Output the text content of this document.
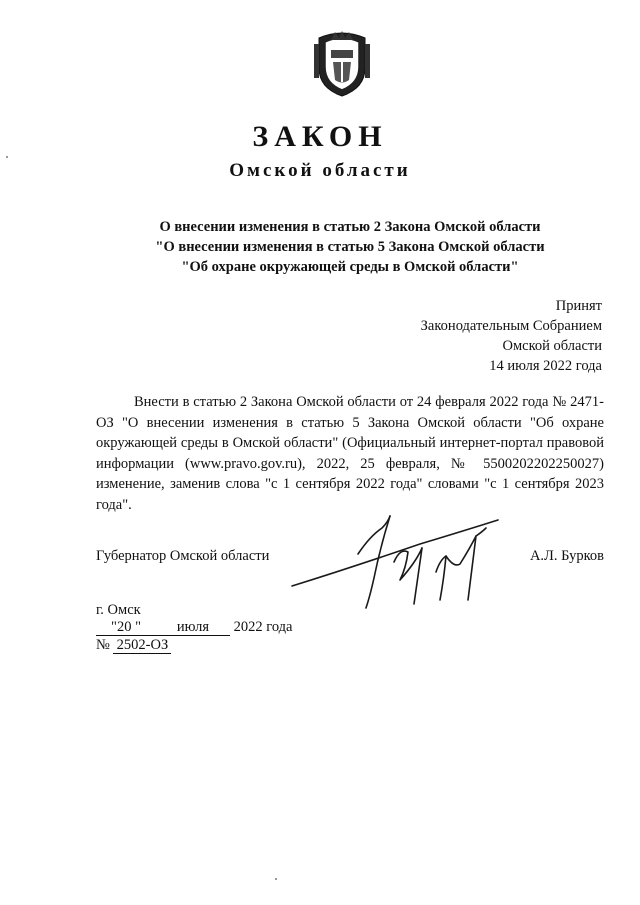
ЗАКОН
Омской области
О внесении изменения в статью 2 Закона Омской области
"О внесении изменения в статью 5 Закона Омской области
"Об охране окружающей среды в Омской области"
Принят
Законодательным Собранием
Омской области
14 июля 2022 года
Внести в статью 2 Закона Омской области от 24 февраля 2022 года № 2471-ОЗ "О внесении изменения в статью 5 Закона Омской области "Об охране окружающей среды в Омской области" (Официальный интернет-портал правовой информации (www.pravo.gov.ru), 2022, 25 февраля, № 5500202202250027) изменение, заменив слова "с 1 сентября 2022 года" словами "с 1 сентября 2023 года".
Губернатор Омской области	А.Л. Бурков
г. Омск
"20 " июля 2022 года
№ 2502-ОЗ
